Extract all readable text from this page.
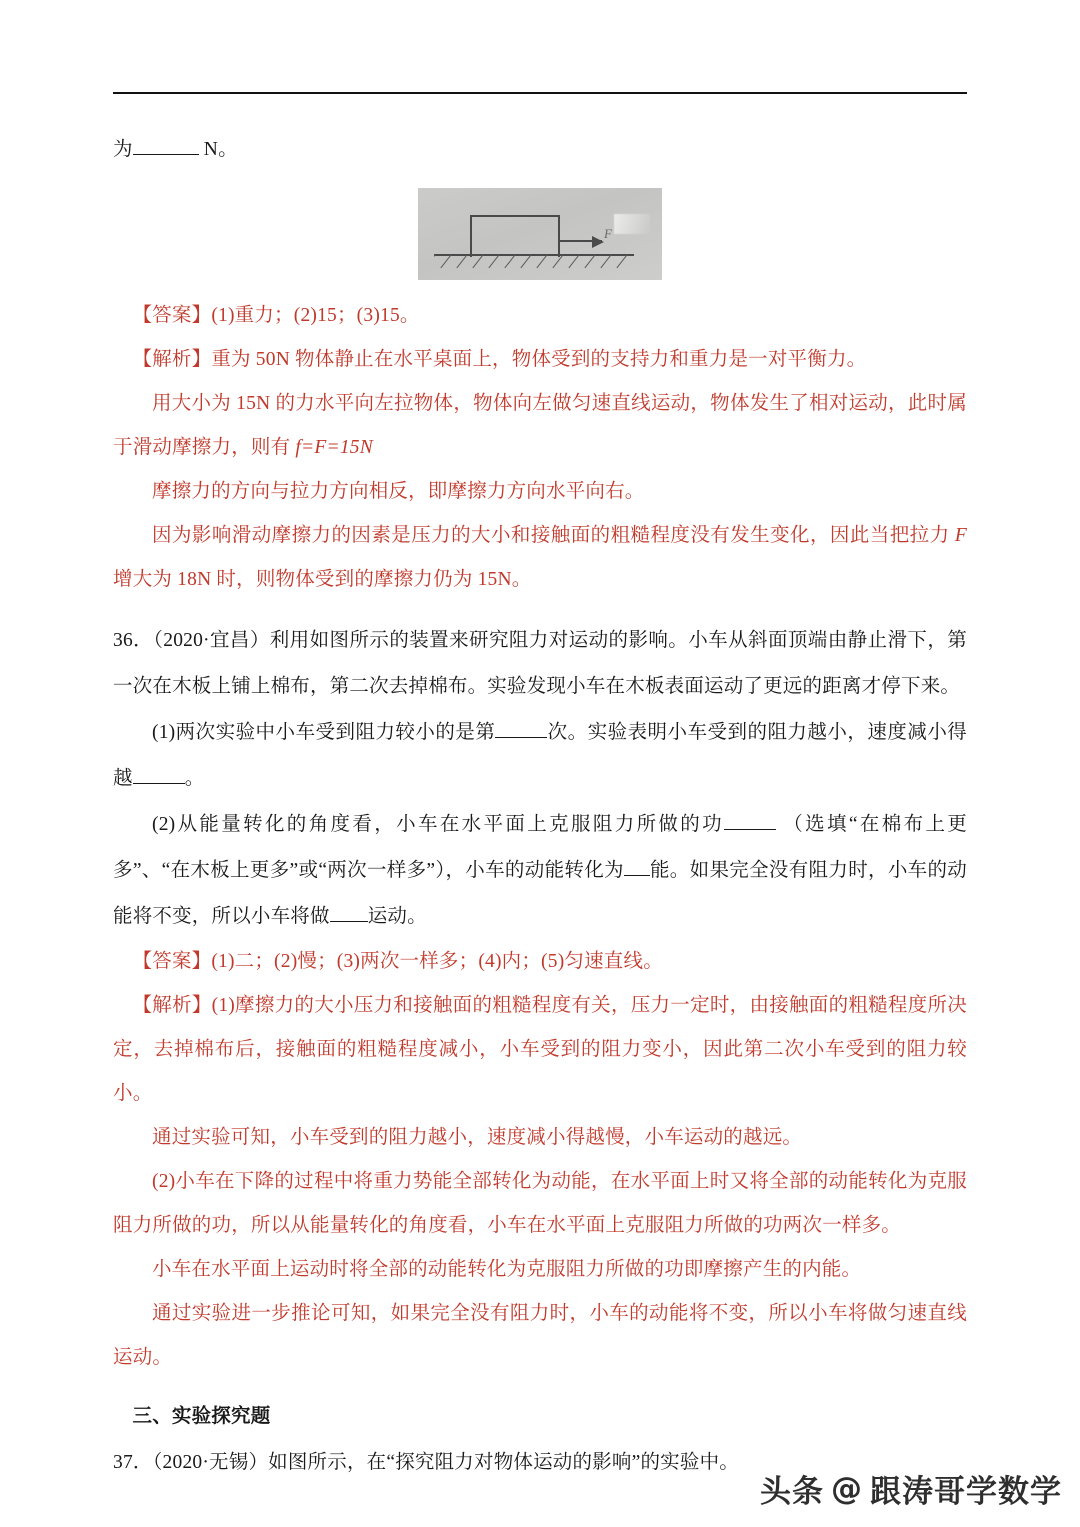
为	N。

F

【答案】(1)重力；(2)15；(3)15。

【解析】重为 50N 物体静止在水平桌面上，物体受到的支持力和重力是一对平衡力。

用大小为 15N 的力水平向左拉物体，物体向左做匀速直线运动，物体发生了相对运动，此时属于滑动摩擦力，则有 f=F=15N

摩擦力的方向与拉力方向相反，即摩擦力方向水平向右。

因为影响滑动摩擦力的因素是压力的大小和接触面的粗糙程度没有发生变化，因此当把拉力 F 增大为 18N 时，则物体受到的摩擦力仍为 15N。

36．（2020·宜昌）利用如图所示的装置来研究阻力对运动的影响。小车从斜面顶端由静止滑下，第一次在木板上铺上棉布，第二次去掉棉布。实验发现小车在木板表面运动了更远的距离才停下来。

(1)两次实验中小车受到阻力较小的是第	次。实验表明小车受到的阻力越小，速度减小得越	。

(2)从能量转化的角度看，小车在水平面上克服阻力所做的功	（选填“在棉布上更多”、“在木板上更多”或“两次一样多”），小车的动能转化为 能。如果完全没有阻力时，小车的动能将不变，所以小车将做 运动。

【答案】(1)二；(2)慢；(3)两次一样多；(4)内；(5)匀速直线。

【解析】(1)摩擦力的大小压力和接触面的粗糙程度有关，压力一定时，由接触面的粗糙程度所决定，去掉棉布后，接触面的粗糙程度减小，小车受到的阻力变小，因此第二次小车受到的阻力较小。

通过实验可知，小车受到的阻力越小，速度减小得越慢，小车运动的越远。

(2)小车在下降的过程中将重力势能全部转化为动能，在水平面上时又将全部的动能转化为克服阻力所做的功，所以从能量转化的角度看，小车在水平面上克服阻力所做的功两次一样多。

小车在水平面上运动时将全部的动能转化为克服阻力所做的功即摩擦产生的内能。

通过实验进一步推论可知，如果完全没有阻力时，小车的动能将不变，所以小车将做匀速直线运动。

三、实验探究题

37．（2020·无锡）如图所示，在“探究阻力对物体运动的影响”的实验中。

头条 @ 跟涛哥学数学
